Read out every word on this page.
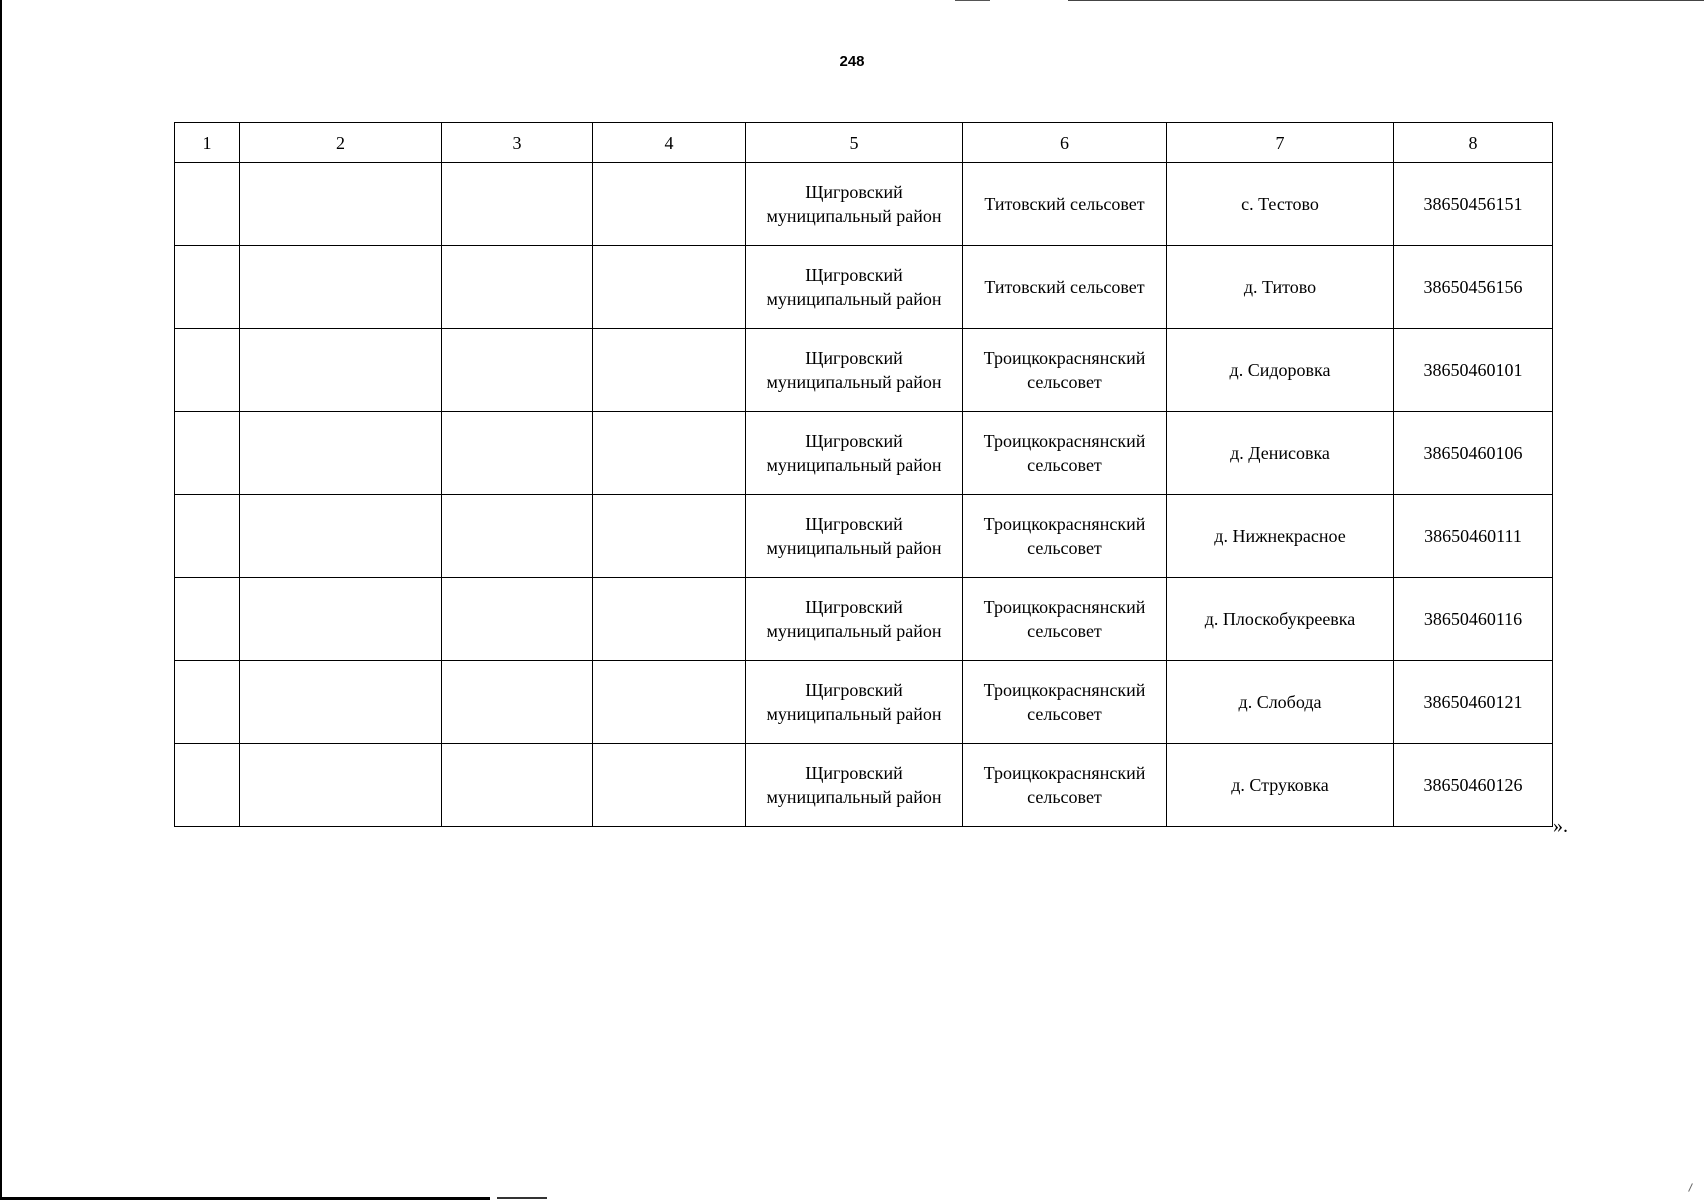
248
1	2	3	4	5	6	7	8
				Щигровский муниципальный район	Титовский сельсовет	с. Тестово	38650456151
				Щигровский муниципальный район	Титовский сельсовет	д. Титово	38650456156
				Щигровский муниципальный район	Троицкокраснянский сельсовет	д. Сидоровка	38650460101
				Щигровский муниципальный район	Троицкокраснянский сельсовет	д. Денисовка	38650460106
				Щигровский муниципальный район	Троицкокраснянский сельсовет	д. Нижнекрасное	38650460111
				Щигровский муниципальный район	Троицкокраснянский сельсовет	д. Плоскобукреевка	38650460116
				Щигровский муниципальный район	Троицкокраснянский сельсовет	д. Слобода	38650460121
				Щигровский муниципальный район	Троицкокраснянский сельсовет	д. Струковка	38650460126
».
